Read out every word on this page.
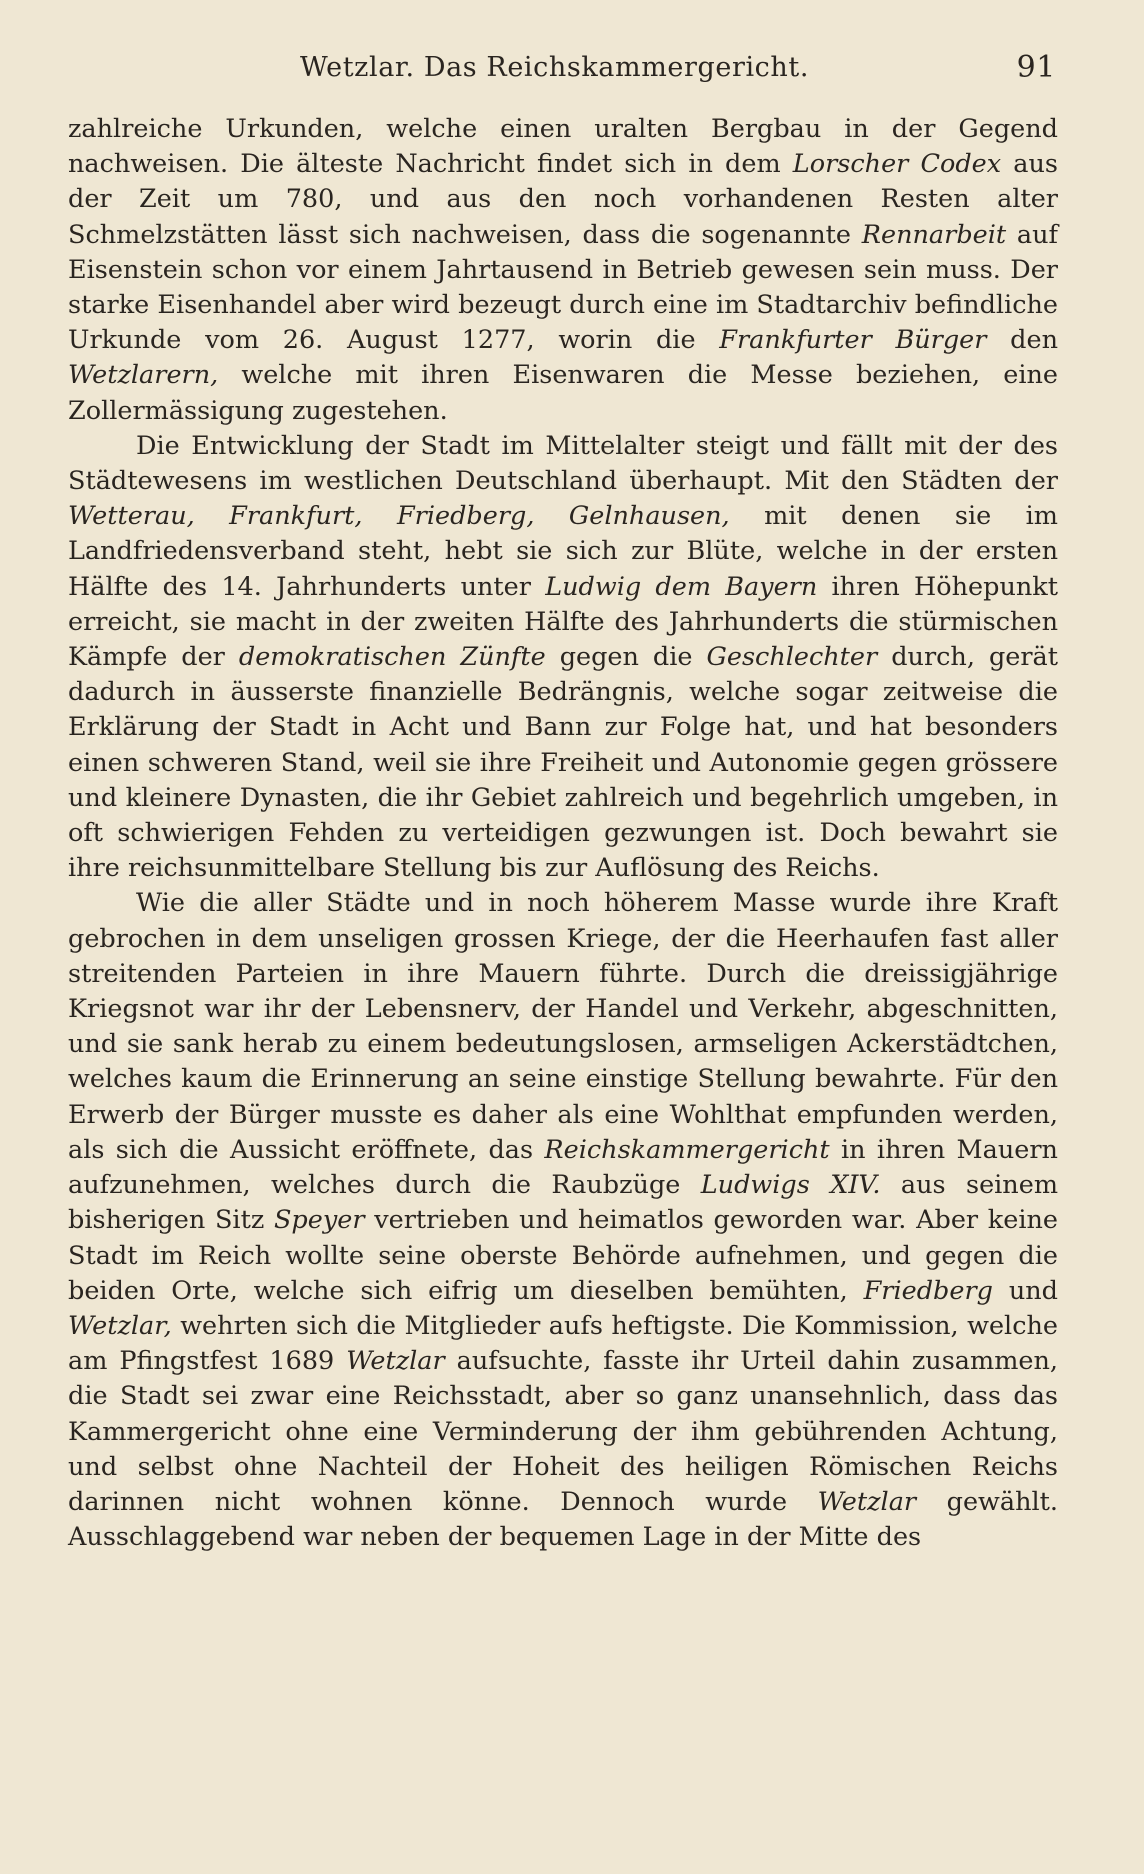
Wetzlar. Das Reichskammergericht.	91

zahlreiche Urkunden, welche einen uralten Bergbau in der Gegend nachweisen. Die älteste Nachricht findet sich in dem Lorscher Codex aus der Zeit um 780, und aus den noch vorhandenen Resten alter Schmelzstätten lässt sich nachweisen, dass die sogenannte Rennarbeit auf Eisenstein schon vor einem Jahrtausend in Betrieb gewesen sein muss. Der starke Eisenhandel aber wird bezeugt durch eine im Stadtarchiv befindliche Urkunde vom 26. August 1277, worin die Frankfurter Bürger den Wetzlarern, welche mit ihren Eisenwaren die Messe beziehen, eine Zollermässigung zugestehen.

Die Entwicklung der Stadt im Mittelalter steigt und fällt mit der des Städtewesens im westlichen Deutschland überhaupt. Mit den Städten der Wetterau, Frankfurt, Friedberg, Gelnhausen, mit denen sie im Landfriedensverband steht, hebt sie sich zur Blüte, welche in der ersten Hälfte des 14. Jahrhunderts unter Ludwig dem Bayern ihren Höhepunkt erreicht, sie macht in der zweiten Hälfte des Jahrhunderts die stürmischen Kämpfe der demokratischen Zünfte gegen die Geschlechter durch, gerät dadurch in äusserste finanzielle Bedrängnis, welche sogar zeitweise die Erklärung der Stadt in Acht und Bann zur Folge hat, und hat besonders einen schweren Stand, weil sie ihre Freiheit und Autonomie gegen grössere und kleinere Dynasten, die ihr Gebiet zahlreich und begehrlich umgeben, in oft schwierigen Fehden zu verteidigen gezwungen ist. Doch bewahrt sie ihre reichsunmittelbare Stellung bis zur Auflösung des Reichs.

Wie die aller Städte und in noch höherem Masse wurde ihre Kraft gebrochen in dem unseligen grossen Kriege, der die Heerhaufen fast aller streitenden Parteien in ihre Mauern führte. Durch die dreissigjährige Kriegsnot war ihr der Lebensnerv, der Handel und Verkehr, abgeschnitten, und sie sank herab zu einem bedeutungslosen, armseligen Ackerstädtchen, welches kaum die Erinnerung an seine einstige Stellung bewahrte. Für den Erwerb der Bürger musste es daher als eine Wohlthat empfunden werden, als sich die Aussicht eröffnete, das Reichskammergericht in ihren Mauern aufzunehmen, welches durch die Raubzüge Ludwigs XIV. aus seinem bisherigen Sitz Speyer vertrieben und heimatlos geworden war. Aber keine Stadt im Reich wollte seine oberste Behörde aufnehmen, und gegen die beiden Orte, welche sich eifrig um dieselben bemühten, Friedberg und Wetzlar, wehrten sich die Mitglieder aufs heftigste. Die Kommission, welche am Pfingstfest 1689 Wetzlar aufsuchte, fasste ihr Urteil dahin zusammen, die Stadt sei zwar eine Reichsstadt, aber so ganz unansehnlich, dass das Kammergericht ohne eine Verminderung der ihm gebührenden Achtung, und selbst ohne Nachteil der Hoheit des heiligen Römischen Reichs darinnen nicht wohnen könne. Dennoch wurde Wetzlar gewählt. Ausschlaggebend war neben der bequemen Lage in der Mitte des
